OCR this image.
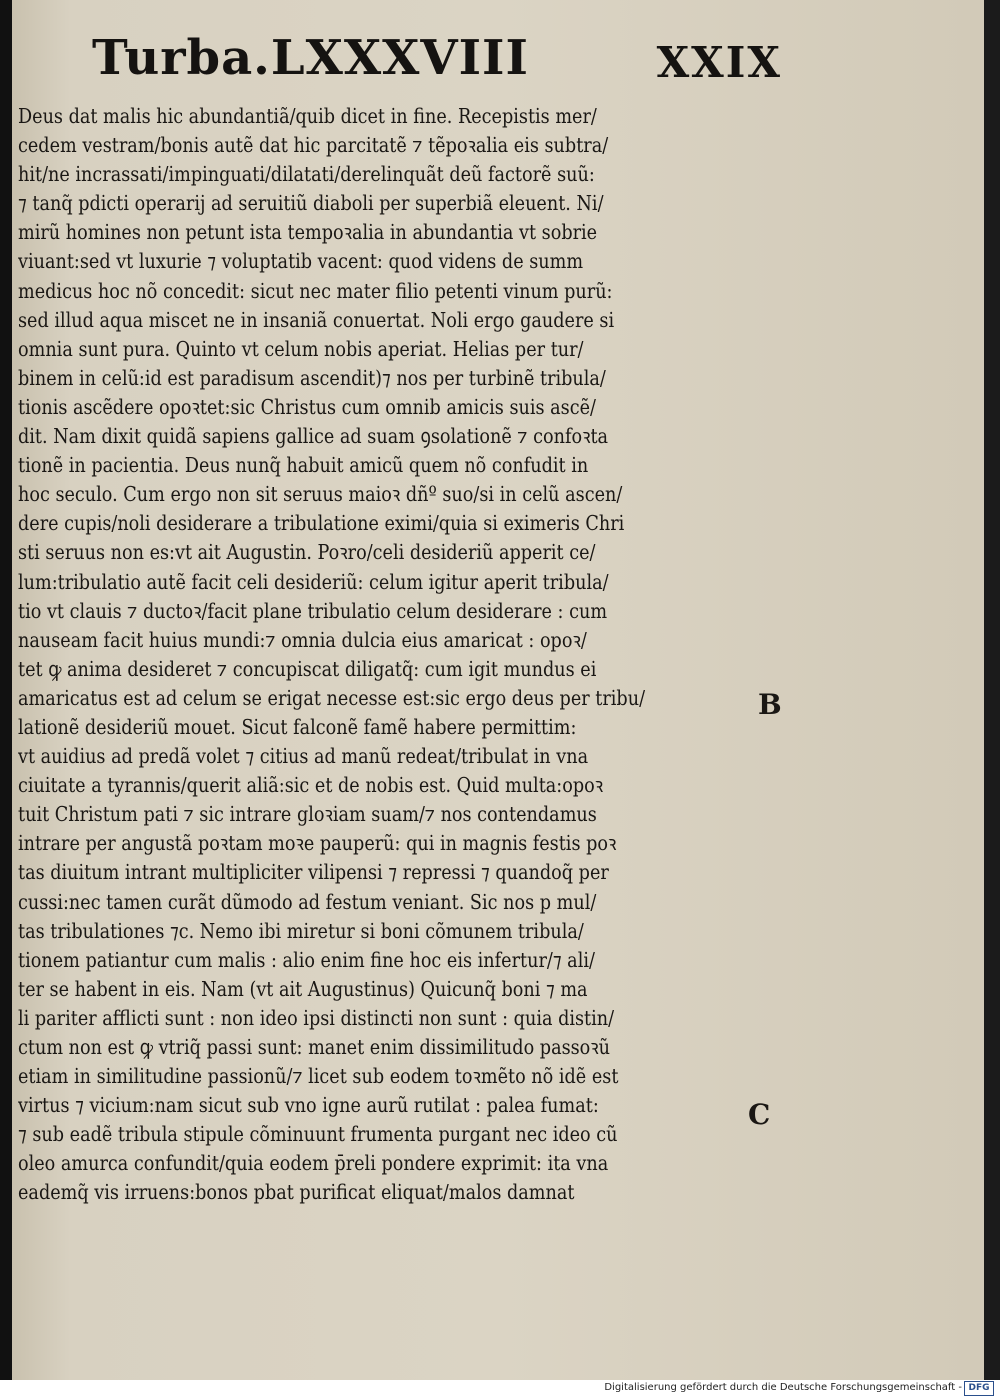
Turba.LXXXVIII	XXIX
Deus dat malis hic abundantiã/quib dicet in fine. Recepistis mer/
cedem vestram/bonis autẽ dat hic parcitatẽ ⁊ tẽpoꝛalia eis subtra/
hit/ne incrassati/impinguati/dilatati/derelinquãt deũ factorẽ suũ:
⁊ tanq̃ pdicti operarij ad seruitiũ diaboli per superbiã eleuent. Ni/
mirũ homines non petunt ista tempoꝛalia in abundantia vt sobrie
viuant:sed vt luxurie ⁊ voluptatib vacent: quod videns de summ
medicus hoc nõ concedit: sicut nec mater filio petenti vinum purũ:
sed illud aqua miscet ne in insaniã conuertat. Noli ergo gaudere si
omnia sunt pura. Quinto vt celum nobis aperiat. Helias per tur/
binem in celũ:id est paradisum ascendit)⁊ nos per turbinẽ tribula/
tionis ascẽdere opoꝛtet:sic Christus cum omnib amicis suis ascẽ/
dit. Nam dixit quidã sapiens gallice ad suam ꝯsolationẽ ⁊ confoꝛta
tionẽ in pacientia. Deus nunq̃ habuit amicũ quem nõ confudit in
hoc seculo. Cum ergo non sit seruus maioꝛ dñº suo/si in celũ ascen/
dere cupis/noli desiderare a tribulatione eximi/quia si eximeris Chri
sti seruus non es:vt ait Augustin. Poꝛro/celi desideriũ apperit ce/
lum:tribulatio autẽ facit celi desideriũ: celum igitur aperit tribula/
tio vt clauis ⁊ ductoꝛ/facit plane tribulatio celum desiderare : cum
nauseam facit huius mundi:⁊ omnia dulcia eius amaricat : opoꝛ/
tet ꝙ anima desideret ⁊ concupiscat diligatq̃: cum igit mundus ei
amaricatus est ad celum se erigat necesse est:sic ergo deus per tribu/
lationẽ desideriũ mouet. Sicut falconẽ famẽ habere permittim:
vt auidius ad predã volet ⁊ citius ad manũ redeat/tribulat in vna
ciuitate a tyrannis/querit aliã:sic et de nobis est. Quid multa:opoꝛ
tuit Christum pati ⁊ sic intrare gloꝛiam suam/⁊ nos contendamus
intrare per angustã poꝛtam moꝛe pauperũ: qui in magnis festis poꝛ
tas diuitum intrant multipliciter vilipensi ⁊ repressi ⁊ quandoq̃ per
cussi:nec tamen curãt dũmodo ad festum veniant. Sic nos p mul/
tas tribulationes ⁊c. Nemo ibi miretur si boni cõmunem tribula/
tionem patiantur cum malis : alio enim fine hoc eis infertur/⁊ ali/
ter se habent in eis. Nam (vt ait Augustinus) Quicunq̃ boni ⁊ ma
li pariter afflicti sunt : non ideo ipsi distincti non sunt : quia distin/
ctum non est ꝙ vtriq̃ passi sunt: manet enim dissimilitudo passoꝛũ
etiam in similitudine passionũ/⁊ licet sub eodem toꝛmẽto nõ idẽ est
virtus ⁊ vicium:nam sicut sub vno igne aurũ rutilat : palea fumat:
⁊ sub eadẽ tribula stipule cõminuunt frumenta purgant nec ideo cũ
oleo amurca confundit/quia eodem p̄reli pondere exprimit: ita vna
eademq̃ vis irruens:bonos pbat purificat eliquat/malos damnat
B
C
Digitalisierung gefördert durch die Deutsche Forschungsgemeinschaft - DFG
